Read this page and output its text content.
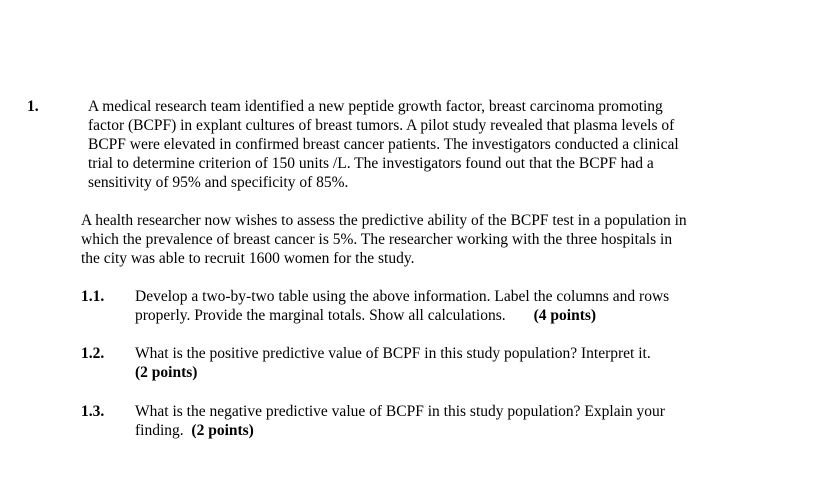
1.	A medical research team identified a new peptide growth factor, breast carcinoma promoting

factor (BCPF) in explant cultures of breast tumors. A pilot study revealed that plasma levels of

BCPF were elevated in confirmed breast cancer patients. The investigators conducted a clinical

trial to determine criterion of 150 units /L. The investigators found out that the BCPF had a

sensitivity of 95% and specificity of 85%.

A health researcher now wishes to assess the predictive ability of the BCPF test in a population in

which the prevalence of breast cancer is 5%. The researcher working with the three hospitals in

the city was able to recruit 1600 women for the study.

1.1. Develop a two-by-two table using the above information. Label the columns and rows

properly. Provide the marginal totals. Show all calculations. (4 points)

1.2. What is the positive predictive value of BCPF in this study population? Interpret it.

(2 points)

1.3. What is the negative predictive value of BCPF in this study population? Explain your

finding. (2 points)
